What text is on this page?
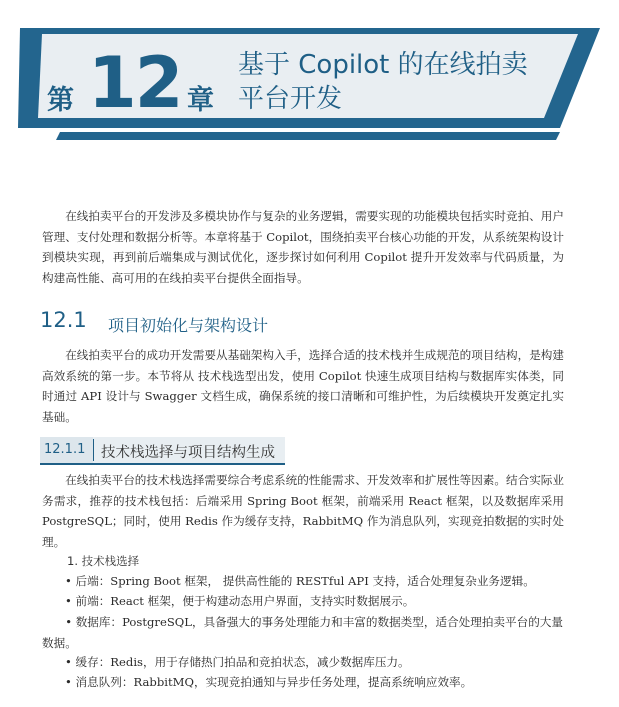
第 12 章
基于 Copilot 的在线拍卖平台开发

在线拍卖平台的开发涉及多模块协作与复杂的业务逻辑，需要实现的功能模块包括实时竞拍、用户管理、支付处理和数据分析等。本章将基于 Copilot，围绕拍卖平台核心功能的开发，从系统架构设计到模块实现，再到前后端集成与测试优化，逐步探讨如何利用 Copilot 提升开发效率与代码质量，为构建高性能、高可用的在线拍卖平台提供全面指导。

12.1 项目初始化与架构设计

在线拍卖平台的成功开发需要从基础架构入手，选择合适的技术栈并生成规范的项目结构，是构建高效系统的第一步。本节将从 技术栈选型出发，使用 Copilot 快速生成项目结构与数据库实体类，同时通过 API 设计与 Swagger 文档生成，确保系统的接口清晰和可维护性，为后续模块开发奠定扎实基础。

12.1.1 技术栈选择与项目结构生成

在线拍卖平台的技术栈选择需要综合考虑系统的性能需求、开发效率和扩展性等因素。结合实际业务需求，推荐的技术栈包括：后端采用 Spring Boot 框架，前端采用 React 框架，以及数据库采用 PostgreSQL；同时，使用 Redis 作为缓存支持，RabbitMQ 作为消息队列，实现竞拍数据的实时处理。

1. 技术栈选择

• 后端：Spring Boot 框架， 提供高性能的 RESTful API 支持，适合处理复杂业务逻辑。

• 前端：React 框架，便于构建动态用户界面，支持实时数据展示。

• 数据库：PostgreSQL，具备强大的事务处理能力和丰富的数据类型，适合处理拍卖平台的大量数据。

• 缓存：Redis，用于存储热门拍品和竞拍状态，减少数据库压力。

• 消息队列：RabbitMQ，实现竞拍通知与异步任务处理，提高系统响应效率。
